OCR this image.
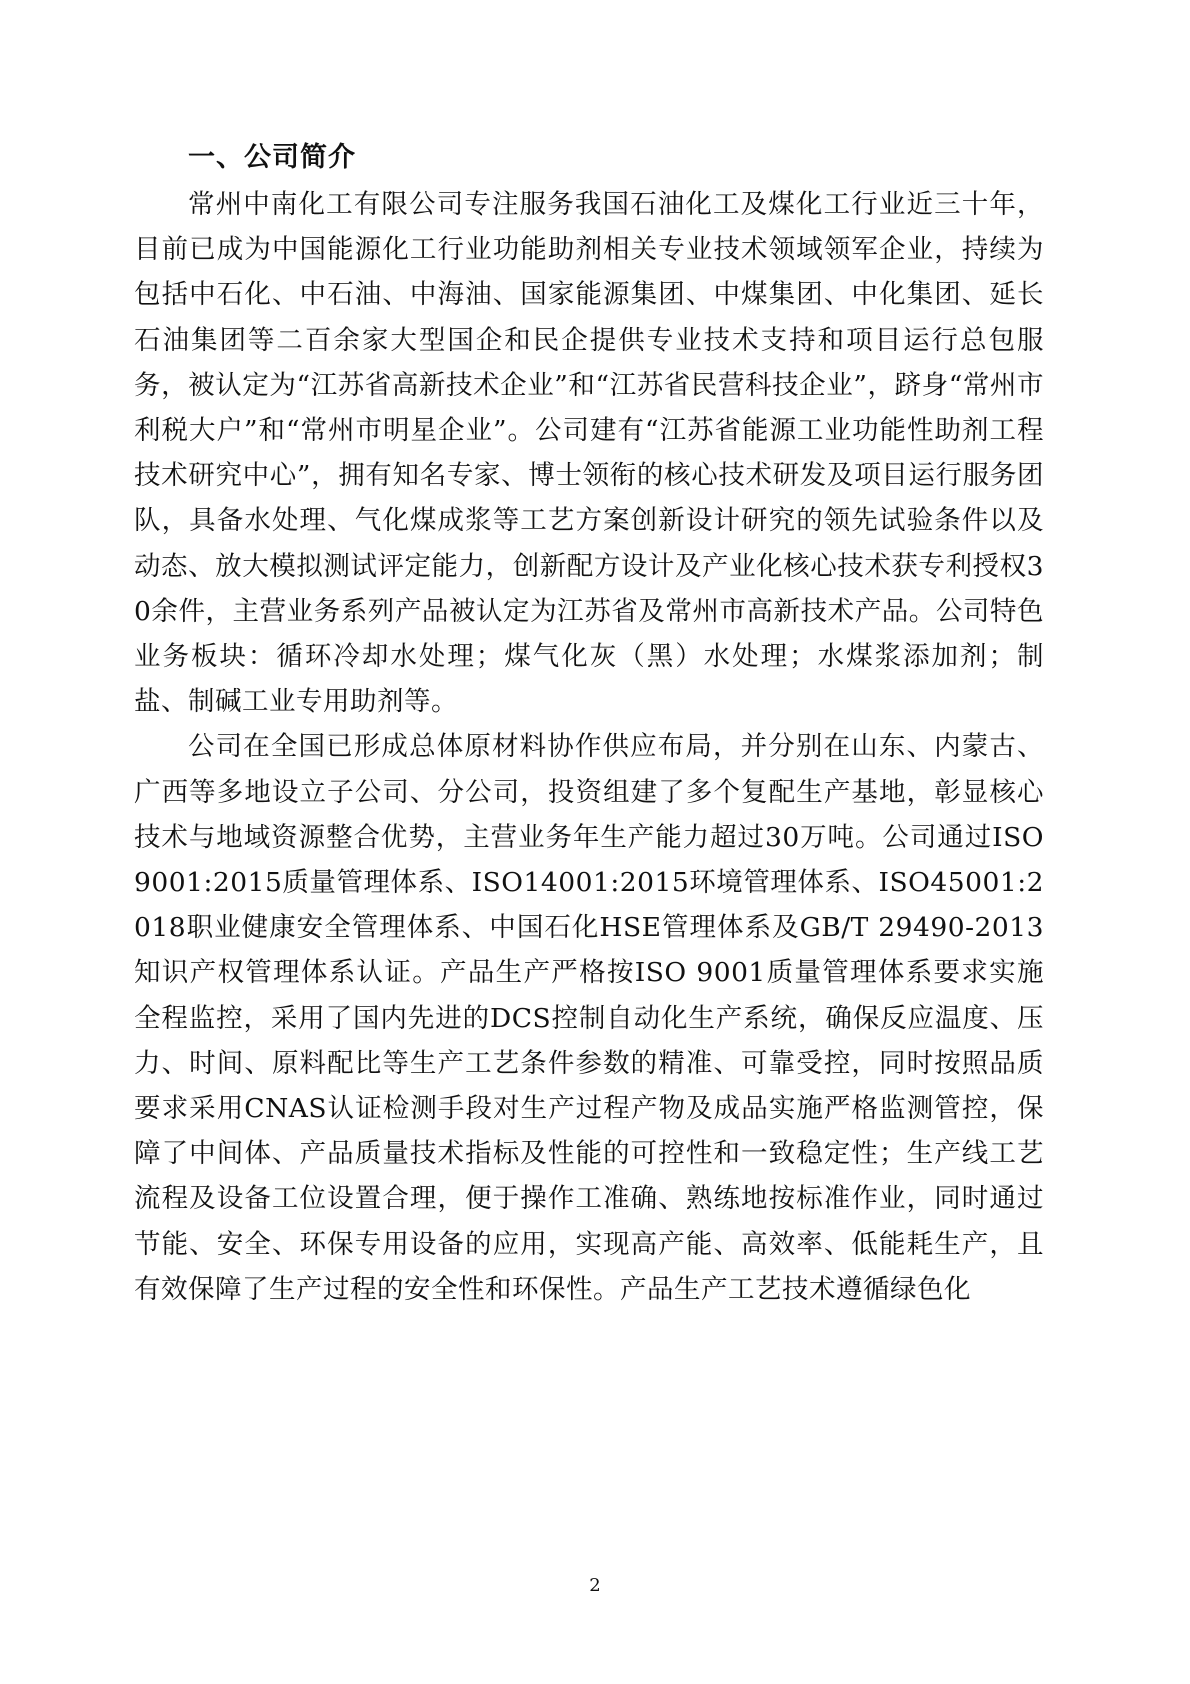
一、公司简介

常州中南化工有限公司专注服务我国石油化工及煤化工行业近三十年，目前已成为中国能源化工行业功能助剂相关专业技术领域领军企业，持续为包括中石化、中石油、中海油、国家能源集团、中煤集团、中化集团、延长石油集团等二百余家大型国企和民企提供专业技术支持和项目运行总包服务，被认定为“江苏省高新技术企业”和“江苏省民营科技企业”，跻身“常州市利税大户”和“常州市明星企业”。公司建有“江苏省能源工业功能性助剂工程技术研究中心”，拥有知名专家、博士领衔的核心技术研发及项目运行服务团队，具备水处理、气化煤成浆等工艺方案创新设计研究的领先试验条件以及动态、放大模拟测试评定能力，创新配方设计及产业化核心技术获专利授权30余件，主营业务系列产品被认定为江苏省及常州市高新技术产品。公司特色业务板块：循环冷却水处理；煤气化灰（黑）水处理；水煤浆添加剂；制盐、制碱工业专用助剂等。

公司在全国已形成总体原材料协作供应布局，并分别在山东、内蒙古、广西等多地设立子公司、分公司，投资组建了多个复配生产基地，彰显核心技术与地域资源整合优势，主营业务年生产能力超过30万吨。公司通过ISO9001:2015质量管理体系、ISO14001:2015环境管理体系、ISO45001:2018职业健康安全管理体系、中国石化HSE管理体系及GB/T 29490-2013知识产权管理体系认证。产品生产严格按ISO 9001质量管理体系要求实施全程监控，采用了国内先进的DCS控制自动化生产系统，确保反应温度、压力、时间、原料配比等生产工艺条件参数的精准、可靠受控，同时按照品质要求采用CNAS认证检测手段对生产过程产物及成品实施严格监测管控，保障了中间体、产品质量技术指标及性能的可控性和一致稳定性；生产线工艺流程及设备工位设置合理，便于操作工准确、熟练地按标准作业，同时通过节能、安全、环保专用设备的应用，实现高产能、高效率、低能耗生产，且有效保障了生产过程的安全性和环保性。产品生产工艺技术遵循绿色化

2
